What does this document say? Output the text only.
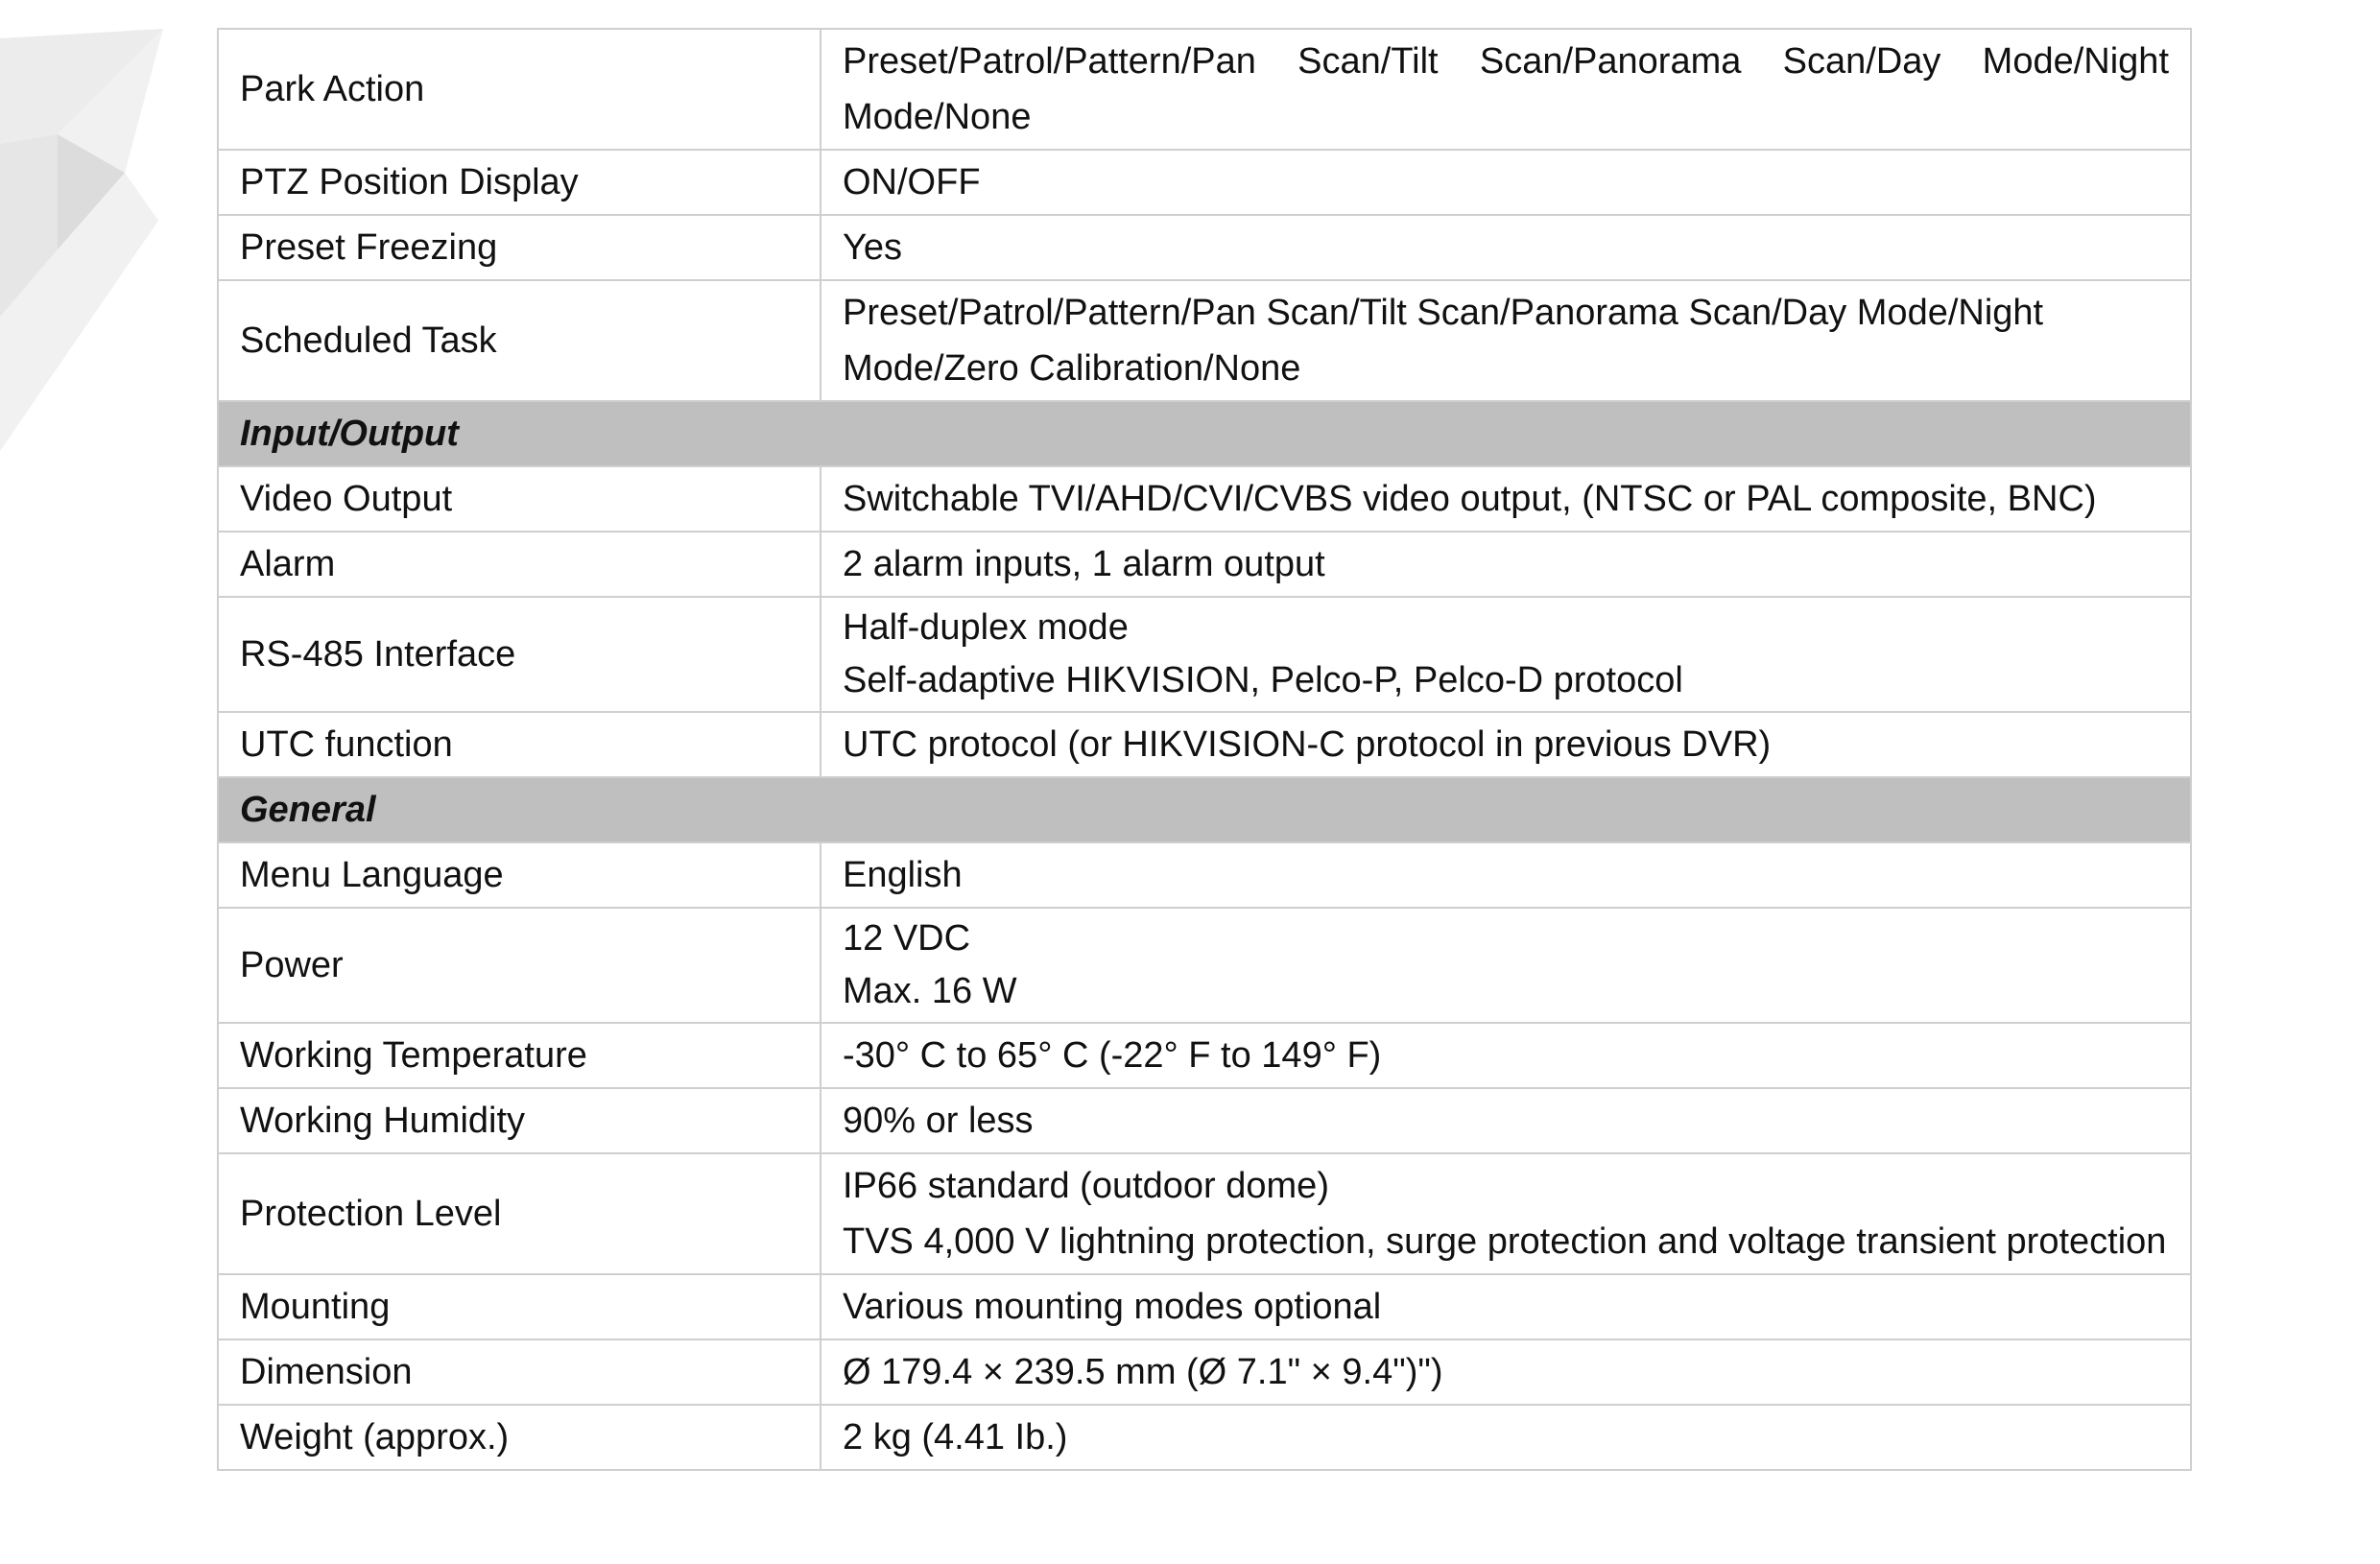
Park Action	Preset/Patrol/Pattern/Pan Scan/Tilt Scan/Panorama Scan/Day Mode/Night Mode/None

PTZ Position Display	ON/OFF

Preset Freezing	Yes

Scheduled Task	Preset/Patrol/Pattern/Pan Scan/Tilt Scan/Panorama Scan/Day Mode/Night
Mode/Zero Calibration/None

Input/Output	
Video Output	Switchable TVI/AHD/CVI/CVBS video output, (NTSC or PAL composite, BNC)

Alarm	2 alarm inputs, 1 alarm output

RS-485 Interface	Half-duplex mode
Self-adaptive HIKVISION, Pelco-P, Pelco-D protocol

UTC function	UTC protocol (or HIKVISION-C protocol in previous DVR)

General	
Menu Language	English

Power	12 VDC
Max. 16 W

Working Temperature	-30° C to 65° C (-22° F to 149° F)

Working Humidity	90% or less

Protection Level	IP66 standard (outdoor dome)
TVS 4,000 V lightning protection, surge protection and voltage transient protection

Mounting	Various mounting modes optional

Dimension	Ø 179.4 × 239.5 mm (Ø 7.1" × 9.4")")

Weight (approx.)	2 kg (4.41 Ib.)
